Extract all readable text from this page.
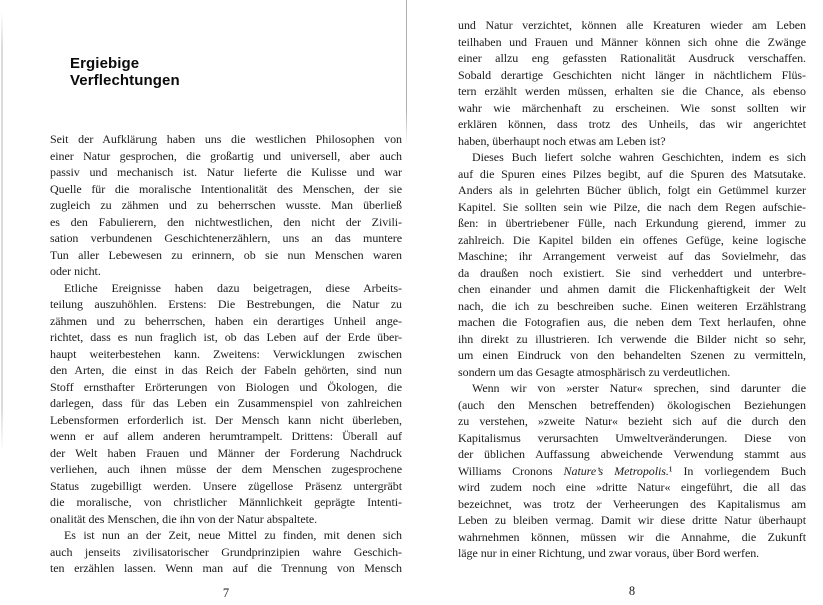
Ergiebige Verflechtungen
Seit der Aufklärung haben uns die westlichen Philosophen von
einer Natur gesprochen, die großartig und universell, aber auch
passiv und mechanisch ist. Natur lieferte die Kulisse und war
Quelle für die moralische Intentionalität des Menschen, der sie
zugleich zu zähmen und zu beherrschen wusste. Man überließ
es den Fabulierern, den nichtwestlichen, den nicht der Zivili-
sation verbundenen Geschichtenerzählern, uns an das muntere
Tun aller Lebewesen zu erinnern, ob sie nun Menschen waren
oder nicht.
Etliche Ereignisse haben dazu beigetragen, diese Arbeits-
teilung auszuhöhlen. Erstens: Die Bestrebungen, die Natur zu
zähmen und zu beherrschen, haben ein derartiges Unheil ange-
richtet, dass es nun fraglich ist, ob das Leben auf der Erde über-
haupt weiterbestehen kann. Zweitens: Verwicklungen zwischen
den Arten, die einst in das Reich der Fabeln gehörten, sind nun
Stoff ernsthafter Erörterungen von Biologen und Ökologen, die
darlegen, dass für das Leben ein Zusammenspiel von zahlreichen
Lebensformen erforderlich ist. Der Mensch kann nicht überleben,
wenn er auf allem anderen herumtrampelt. Drittens: Überall auf
der Welt haben Frauen und Männer der Forderung Nachdruck
verliehen, auch ihnen müsse der dem Menschen zugesprochene
Status zugebilligt werden. Unsere zügellose Präsenz untergräbt
die moralische, von christlicher Männlichkeit geprägte Intenti-
onalität des Menschen, die ihn von der Natur abspaltete.
Es ist nun an der Zeit, neue Mittel zu finden, mit denen sich
auch jenseits zivilisatorischer Grundprinzipien wahre Geschich-
ten erzählen lassen. Wenn man auf die Trennung von Mensch
7
und Natur verzichtet, können alle Kreaturen wieder am Leben
teilhaben und Frauen und Männer können sich ohne die Zwänge
einer allzu eng gefassten Rationalität Ausdruck verschaffen.
Sobald derartige Geschichten nicht länger in nächtlichem Flüs-
tern erzählt werden müssen, erhalten sie die Chance, als ebenso
wahr wie märchenhaft zu erscheinen. Wie sonst sollten wir
erklären können, dass trotz des Unheils, das wir angerichtet
haben, überhaupt noch etwas am Leben ist?
Dieses Buch liefert solche wahren Geschichten, indem es sich
auf die Spuren eines Pilzes begibt, auf die Spuren des Matsutake.
Anders als in gelehrten Bücher üblich, folgt ein Getümmel kurzer
Kapitel. Sie sollten sein wie Pilze, die nach dem Regen aufschie-
ßen: in übertriebener Fülle, nach Erkundung gierend, immer zu
zahlreich. Die Kapitel bilden ein offenes Gefüge, keine logische
Maschine; ihr Arrangement verweist auf das Sovielmehr, das
da draußen noch existiert. Sie sind verheddert und unterbre-
chen einander und ahmen damit die Flickenhaftigkeit der Welt
nach, die ich zu beschreiben suche. Einen weiteren Erzählstrang
machen die Fotografien aus, die neben dem Text herlaufen, ohne
ihn direkt zu illustrieren. Ich verwende die Bilder nicht so sehr,
um einen Eindruck von den behandelten Szenen zu vermitteln,
sondern um das Gesagte atmosphärisch zu verdeutlichen.
Wenn wir von »erster Natur« sprechen, sind darunter die
(auch den Menschen betreffenden) ökologischen Beziehungen
zu verstehen, »zweite Natur« bezieht sich auf die durch den
Kapitalismus verursachten Umweltveränderungen. Diese von
der üblichen Auffassung abweichende Verwendung stammt aus
Williams Cronons Nature’s Metropolis.¹ In vorliegendem Buch
wird zudem noch eine »dritte Natur« eingeführt, die all das
bezeichnet, was trotz der Verheerungen des Kapitalismus am
Leben zu bleiben vermag. Damit wir diese dritte Natur überhaupt
wahrnehmen können, müssen wir die Annahme, die Zukunft
läge nur in einer Richtung, und zwar voraus, über Bord werfen.
8
